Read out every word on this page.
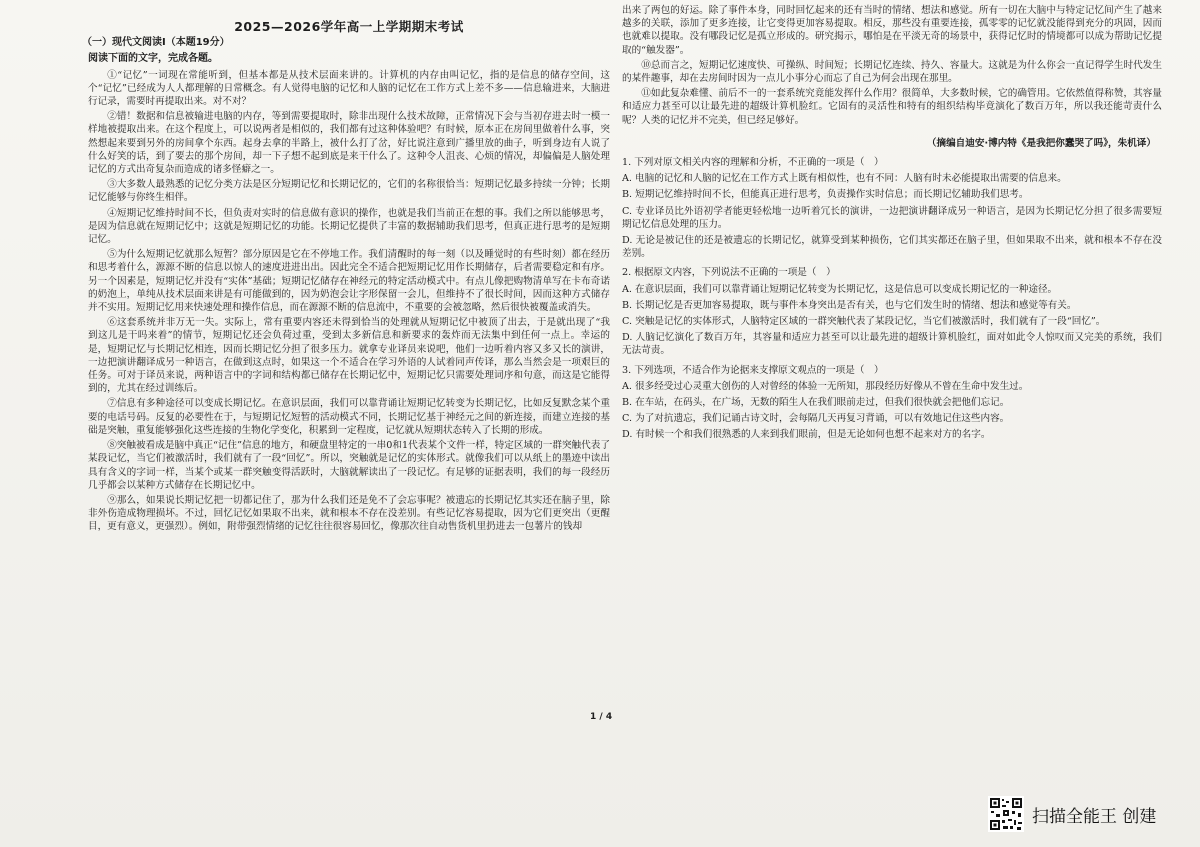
2025—2026学年高一上学期期末考试
（一）现代文阅读Ⅰ（本题19分）
阅读下面的文字，完成各题。

①“记忆”一词现在常能听到，但基本都是从技术层面来讲的。计算机的内存由叫记忆，指的是信息的储存空间，这个“记忆”已经成为人人都理解的日常概念。有人觉得电脑的记忆和人脑的记忆在工作方式上差不多——信息输进来，大脑进行记录，需要时再提取出来。对不对？

②错！数据和信息被输进电脑的内存，等到需要提取时，除非出现什么技术故障，正常情况下会与当初存进去时一模一样地被提取出来。在这个程度上，可以说两者是相似的，我们都有过这种体验吧？有时候，原本正在房间里做着什么事，突然想起来要到另外的房间拿个东西。起身去拿的半路上，被什么打了岔，好比说注意到广播里放的曲子，听到身边有人说了什么好笑的话，到了要去的那个房间，却一下子想不起到底是来干什么了。这种令人沮丧、心烦的情况，却偏偏是人脑处理记忆的方式出奇复杂而造成的诸多怪癖之一。

③大多数人最熟悉的记忆分类方法是区分短期记忆和长期记忆的，它们的名称很恰当：短期记忆最多持续一分钟；长期记忆能够与你终生相伴。

④短期记忆维持时间不长，但负责对实时的信息做有意识的操作，也就是我们当前正在想的事。我们之所以能够思考，是因为信息就在短期记忆中；这就是短期记忆的功能。长期记忆提供了丰富的数据辅助我们思考，但真正进行思考的是短期记忆。

⑤为什么短期记忆就那么短暂？部分原因是它在不停地工作。我们清醒时的每一刻（以及睡觉时的有些时刻）都在经历和思考着什么，源源不断的信息以惊人的速度进进出出。因此完全不适合把短期记忆用作长期储存，后者需要稳定和有序。另一个因素是，短期记忆并没有“实体”基础；短期记忆储存在神经元的特定活动模式中。有点儿像把购物清单写在卡布奇诺的奶泡上，单纯从技术层面来讲是有可能做到的，因为奶泡会让字形保留一会儿，但维持不了很长时间，因而这种方式储存并不实用。短期记忆用来快速处理和操作信息，而在源源不断的信息流中，不重要的会被忽略，然后很快被覆盖或消失。

⑥这套系统并非万无一失。实际上，常有重要内容还未得到恰当的处理就从短期记忆中被顶了出去，于是就出现了“我到这儿是干吗来着”的情节，短期记忆还会负荷过重，受到太多新信息和新要求的轰炸而无法集中到任何一点上。幸运的是，短期记忆与长期记忆相连，因而长期记忆分担了很多压力。就拿专业译员来说吧，他们一边听着内容又多又长的演讲，一边把演讲翻译成另一种语言，在做到这点时，如果这一个不适合在学习外语的人试着同声传译，那么当然会是一项艰巨的任务。可对于译员来说，两种语言中的字词和结构都已储存在长期记忆中，短期记忆只需要处理词序和句意，而这是它能得到的，尤其在经过训练后。

⑦信息有多种途径可以变成长期记忆。在意识层面，我们可以靠背诵让短期记忆转变为长期记忆，比如反复默念某个重要的电话号码。反复的必要性在于，与短期记忆短暂的活动模式不同，长期记忆基于神经元之间的新连接，而建立连接的基础是突触，重复能够强化这些连接的生物化学变化，积累到一定程度，记忆就从短期状态转入了长期的形成。

⑧突触被看成是脑中真正“记住”信息的地方，和硬盘里特定的一串0和1代表某个文件一样，特定区域的一群突触代表了某段记忆，当它们被激活时，我们就有了一段“回忆”。所以，突触就是记忆的实体形式。就像我们可以从纸上的墨迹中读出具有含义的字词一样，当某个或某一群突触变得活跃时，大脑就解读出了一段记忆。有足够的证据表明，我们的每一段经历几乎都会以某种方式储存在长期记忆中。

⑨那么，如果说长期记忆把一切都记住了，那为什么我们还是免不了会忘事呢？被遗忘的长期记忆其实还在脑子里，除非外伤造成物理损坏。不过，回忆记忆如果取不出来，就和根本不存在没差别。有些记忆容易提取，因为它们更突出（更醒目，更有意义，更强烈）。例如，附带强烈情绪的记忆往往很容易回忆，像那次往自动售货机里扔进去一包薯片的钱却

出来了两包的好运。除了事件本身，同时回忆起来的还有当时的情绪、想法和感觉。所有一切在大脑中与特定记忆间产生了越来越多的关联，添加了更多连接，让它变得更加容易提取。相反，那些没有重要连接，孤零零的记忆就没能得到充分的巩固，因而也就难以提取。没有哪段记忆是孤立形成的。研究揭示，哪怕是在平淡无奇的场景中，获得记忆时的情境都可以成为帮助记忆提取的“触发器”。

⑩总而言之，短期记忆速度快、可操纵、时间短；长期记忆连续、持久、容量大。这就是为什么你会一直记得学生时代发生的某件趣事，却在去房间时因为一点儿小事分心而忘了自己为何会出现在那里。

⑪如此复杂难懂、前后不一的一套系统究竟能发挥什么作用？很简单，大多数时候，它的确管用。它依然值得称赞，其容量和适应力甚至可以让最先进的超级计算机脸红。它固有的灵活性和特有的组织结构毕竟演化了数百万年，所以我还能苛责什么呢？人类的记忆并不完美，但已经足够好。

（摘编自迪安·博内特《是我把你蠢哭了吗》，朱机译）
1. 下列对原文相关内容的理解和分析，不正确的一项是（　）
A. 电脑的记忆和人脑的记忆在工作方式上既有相似性，也有不同：人脑有时未必能提取出需要的信息来。
B. 短期记忆维持时间不长，但能真正进行思考，负责操作实时信息；而长期记忆辅助我们思考。
C. 专业译员比外语初学者能更轻松地一边听着冗长的演讲，一边把演讲翻译成另一种语言，是因为长期记忆分担了很多需要短期记忆信息处理的压力。
D. 无论是被记住的还是被遗忘的长期记忆，就算受到某种损伤，它们其实都还在脑子里，但如果取不出来，就和根本不存在没差别。
2. 根据原文内容，下列说法不正确的一项是（　）
A. 在意识层面，我们可以靠背诵让短期记忆转变为长期记忆，这是信息可以变成长期记忆的一种途径。
B. 长期记忆是否更加容易提取，既与事件本身突出是否有关，也与它们发生时的情绪、想法和感觉等有关。
C. 突触是记忆的实体形式，人脑特定区域的一群突触代表了某段记忆，当它们被激活时，我们就有了一段“回忆”。
D. 人脑记忆演化了数百万年，其容量和适应力甚至可以让最先进的超级计算机脸红，面对如此令人惊叹而又完美的系统，我们无法苛责。
3. 下列选项，不适合作为论据来支撑原文观点的一项是（　）
A. 很多经受过心灵重大创伤的人对曾经的体验一无所知，那段经历好像从不曾在生命中发生过。
B. 在车站，在码头，在广场，无数的陌生人在我们眼前走过，但我们很快就会把他们忘记。
C. 为了对抗遗忘，我们记诵古诗文时，会每隔几天再复习背诵，可以有效地记住这些内容。
D. 有时候一个和我们很熟悉的人来到我们眼前，但是无论如何也想不起来对方的名字。
1 / 4
扫描全能王 创建
